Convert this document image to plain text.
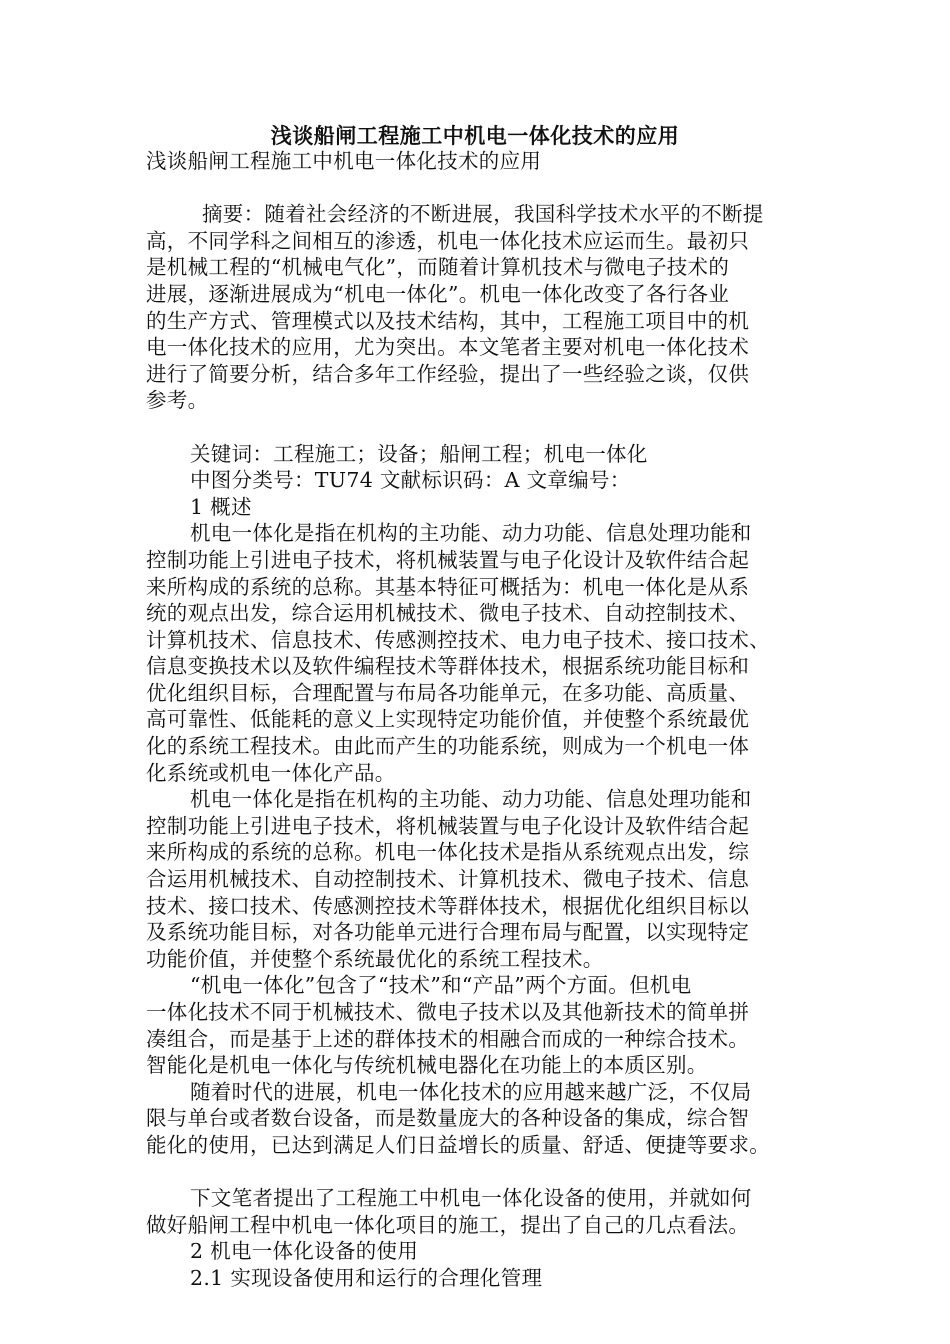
浅谈船闸工程施工中机电一体化技术的应用

浅谈船闸工程施工中机电一体化技术的应用

摘要：随着社会经济的不断进展，我国科学技术水平的不断提

高，不同学科之间相互的渗透，机电一体化技术应运而生。最初只

是机械工程的“机械电气化”，而随着计算机技术与微电子技术的

进展，逐渐进展成为“机电一体化”。机电一体化改变了各行各业

的生产方式、管理模式以及技术结构，其中，工程施工项目中的机

电一体化技术的应用，尤为突出。本文笔者主要对机电一体化技术

进行了简要分析，结合多年工作经验，提出了一些经验之谈，仅供

参考。

关键词：工程施工；设备；船闸工程；机电一体化

中图分类号：TU74 文献标识码：A 文章编号：

1 概述

机电一体化是指在机构的主功能、动力功能、信息处理功能和

控制功能上引进电子技术，将机械装置与电子化设计及软件结合起

来所构成的系统的总称。其基本特征可概括为：机电一体化是从系

统的观点出发，综合运用机械技术、微电子技术、自动控制技术、

计算机技术、信息技术、传感测控技术、电力电子技术、接口技术、

信息变换技术以及软件编程技术等群体技术，根据系统功能目标和

优化组织目标，合理配置与布局各功能单元，在多功能、高质量、

高可靠性、低能耗的意义上实现特定功能价值，并使整个系统最优

化的系统工程技术。由此而产生的功能系统，则成为一个机电一体

化系统或机电一体化产品。

机电一体化是指在机构的主功能、动力功能、信息处理功能和

控制功能上引进电子技术，将机械装置与电子化设计及软件结合起

来所构成的系统的总称。机电一体化技术是指从系统观点出发，综

合运用机械技术、自动控制技术、计算机技术、微电子技术、信息

技术、接口技术、传感测控技术等群体技术，根据优化组织目标以

及系统功能目标，对各功能单元进行合理布局与配置，以实现特定

功能价值，并使整个系统最优化的系统工程技术。

“机电一体化”包含了“技术”和“产品”两个方面。但机电

一体化技术不同于机械技术、微电子技术以及其他新技术的简单拼

凑组合，而是基于上述的群体技术的相融合而成的一种综合技术。

智能化是机电一体化与传统机械电器化在功能上的本质区别。

随着时代的进展，机电一体化技术的应用越来越广泛，不仅局

限与单台或者数台设备，而是数量庞大的各种设备的集成，综合智

能化的使用，已达到满足人们日益增长的质量、舒适、便捷等要求。

下文笔者提出了工程施工中机电一体化设备的使用，并就如何

做好船闸工程中机电一体化项目的施工，提出了自己的几点看法。

2 机电一体化设备的使用

2.1 实现设备使用和运行的合理化管理
